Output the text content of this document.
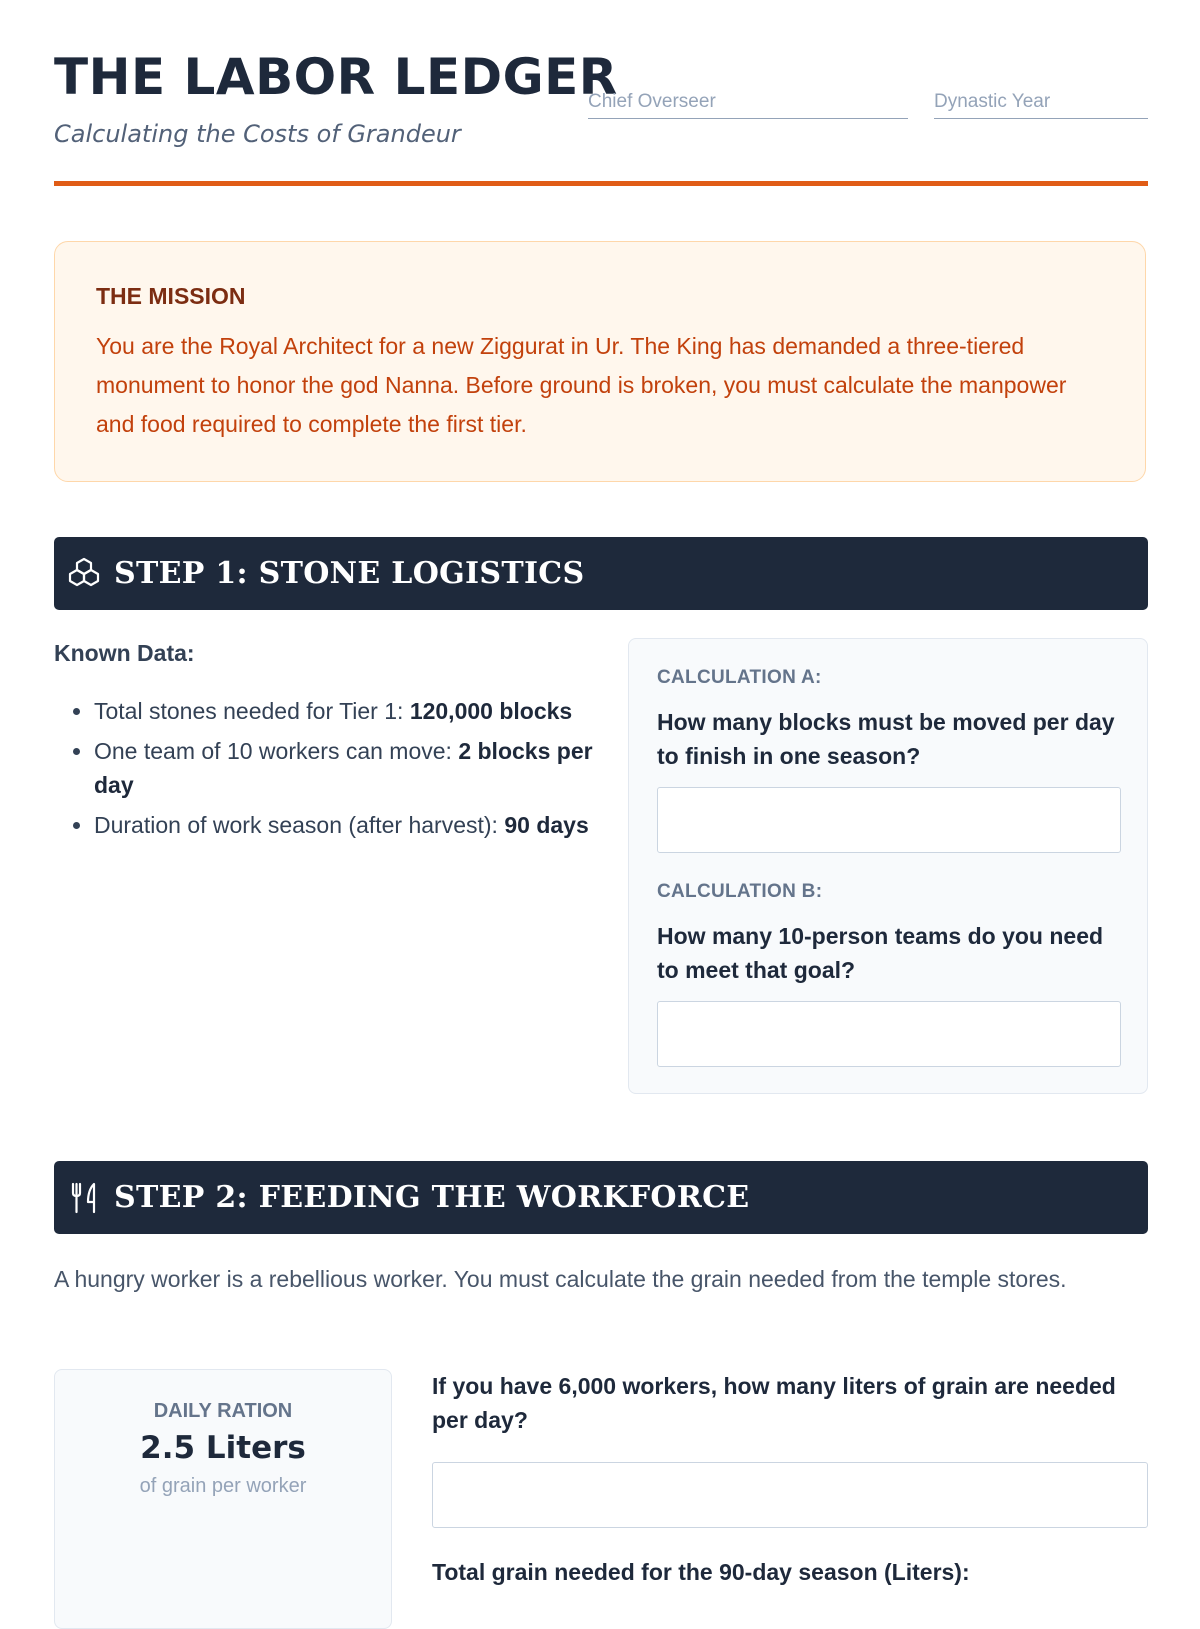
THE LABOR LEDGER
Calculating the Costs of Grandeur
Chief Overseer	Dynastic Year
THE MISSION

You are the Royal Architect for a new Ziggurat in Ur. The King has demanded a three-tiered monument to honor the god Nanna. Before ground is broken, you must calculate the manpower and food required to complete the first tier.

STEP 1: STONE LOGISTICS
Known Data:
• Total stones needed for Tier 1: 120,000 blocks
• One team of 10 workers can move: 2 blocks per day
• Duration of work season (after harvest): 90 days
CALCULATION A:
How many blocks must be moved per day to finish in one season?
CALCULATION B:
How many 10-person teams do you need to meet that goal?
STEP 2: FEEDING THE WORKFORCE

A hungry worker is a rebellious worker. You must calculate the grain needed from the temple stores.

DAILY RATION
2.5 Liters
of grain per worker
If you have 6,000 workers, how many liters of grain are needed per day?
Total grain needed for the 90-day season (Liters):
